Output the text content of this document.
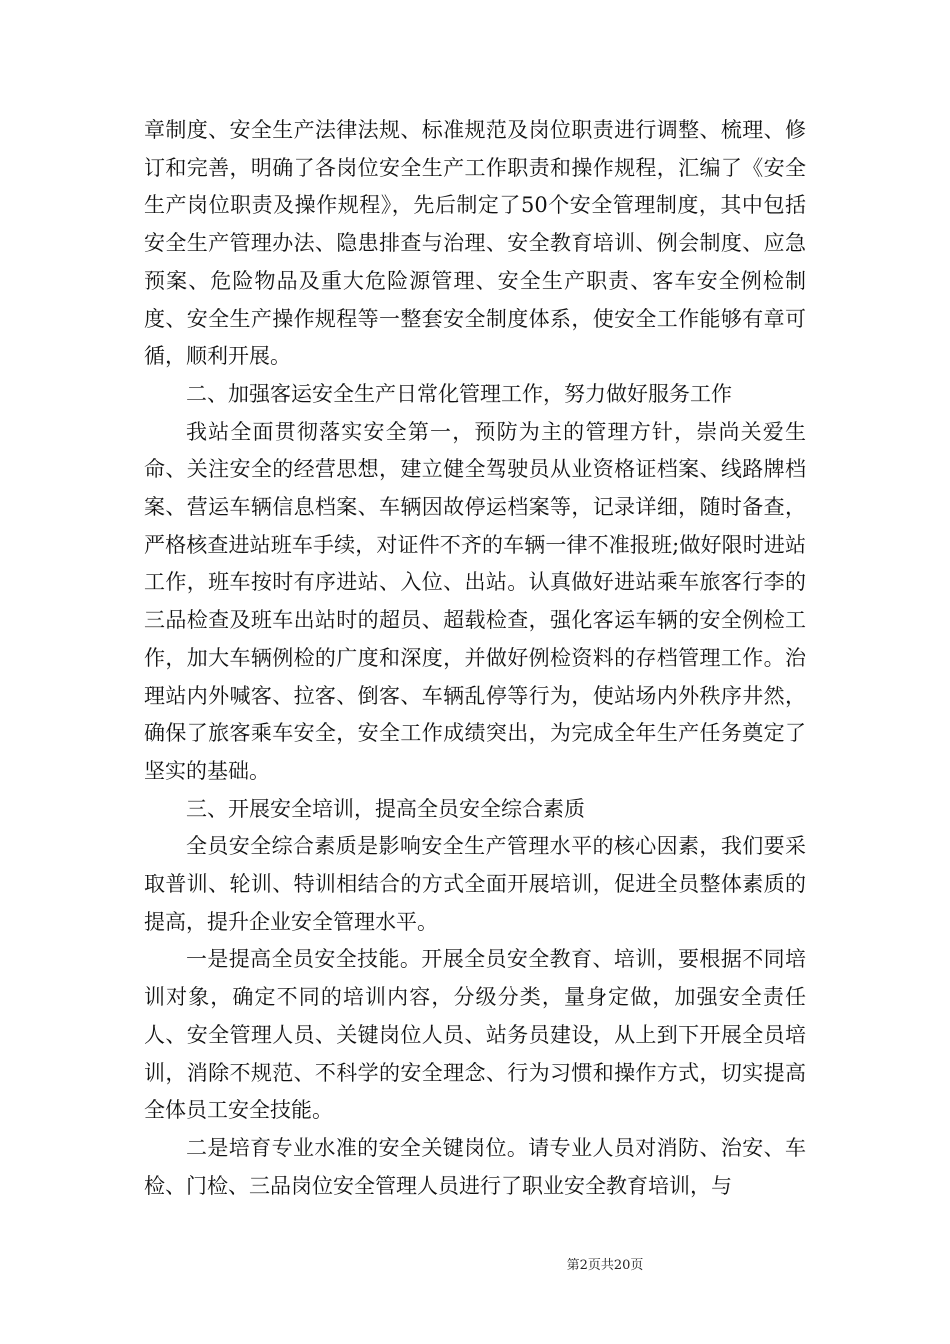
章制度、安全生产法律法规、标准规范及岗位职责进行调整、梳理、修订和完善，明确了各岗位安全生产工作职责和操作规程，汇编了《安全生产岗位职责及操作规程》，先后制定了50个安全管理制度，其中包括安全生产管理办法、隐患排查与治理、安全教育培训、例会制度、应急预案、危险物品及重大危险源管理、安全生产职责、客车安全例检制度、安全生产操作规程等一整套安全制度体系，使安全工作能够有章可循，顺利开展。

二、加强客运安全生产日常化管理工作，努力做好服务工作

我站全面贯彻落实安全第一，预防为主的管理方针，崇尚关爱生命、关注安全的经营思想，建立健全驾驶员从业资格证档案、线路牌档案、营运车辆信息档案、车辆因故停运档案等，记录详细，随时备查，严格核查进站班车手续，对证件不齐的车辆一律不准报班;做好限时进站工作，班车按时有序进站、入位、出站。认真做好进站乘车旅客行李的三品检查及班车出站时的超员、超载检查，强化客运车辆的安全例检工作，加大车辆例检的广度和深度，并做好例检资料的存档管理工作。治理站内外喊客、拉客、倒客、车辆乱停等行为，使站场内外秩序井然，确保了旅客乘车安全，安全工作成绩突出，为完成全年生产任务奠定了坚实的基础。

三、开展安全培训，提高全员安全综合素质

全员安全综合素质是影响安全生产管理水平的核心因素，我们要采取普训、轮训、特训相结合的方式全面开展培训，促进全员整体素质的提高，提升企业安全管理水平。

一是提高全员安全技能。开展全员安全教育、培训，要根据不同培训对象，确定不同的培训内容，分级分类，量身定做，加强安全责任人、安全管理人员、关键岗位人员、站务员建设，从上到下开展全员培训，消除不规范、不科学的安全理念、行为习惯和操作方式，切实提高全体员工安全技能。

二是培育专业水准的安全关键岗位。请专业人员对消防、治安、车检、门检、三品岗位安全管理人员进行了职业安全教育培训，与

第2页共20页
